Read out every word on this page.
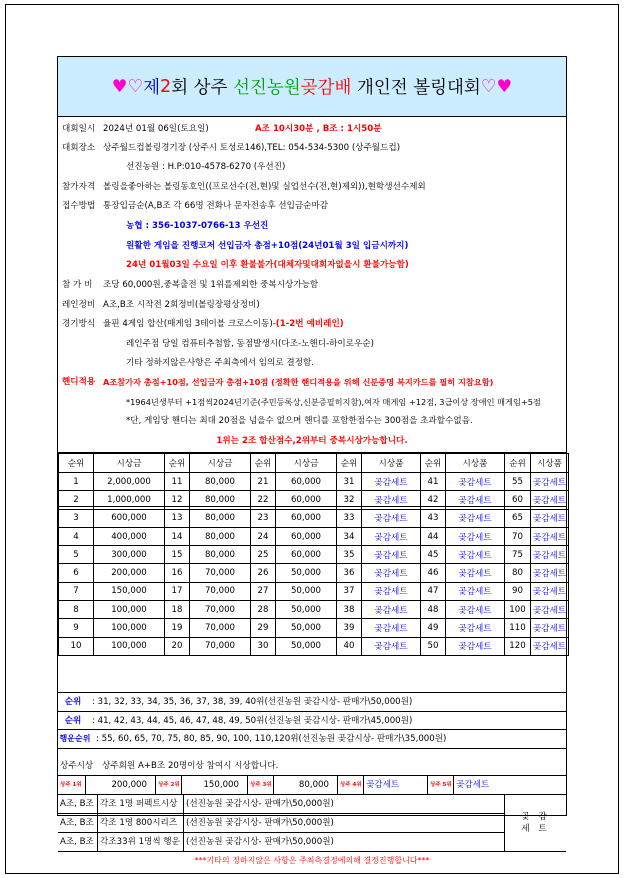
♥♡ 제 2 회 상주 선진농원 곶감배 개인전 볼링대회 ♡♥
대회일시 2024년 01월 06일(토요일)	A조 10시30분 , B조 : 1시50분
대회장소 상주월드컵볼링경기장 (상주시 토성로146),TEL: 054-534-5300 (상주월드컵)
선진농원 : H.P:010-4578-6270 (우선진)
참가자격 볼링을좋아하는 볼링동호인((프로선수(전,현)및 실업선수(전,현)제외)),현학생선수제외
접수방법 통장입금순(A,B조 각 66명 전화나 문자전송후 선입금순마감
농협 : 356-1037-0766-13 우선진
원활한 게임을 진행코저 선입금자 총점+10점(24년01월 3일 입금시까지)
24년 01월03일 수요일 이후 환불불가(대체자및대회자없을시 환불가능함)
참 가 비 조당 60,000원,중복출전 및 1위를제외한 중복시상가능함
레인정비 A조,B조 시작전 2회정비(볼링장평상정비)
경기방식 율핀 4게임 합산(매게임 3테이블 크로스이동)-(1-2번 예비레인)
레인주점 당일 컴퓨터추첨함, 동점발생시(다조-노핸디-하이로우순)
기타 정하지않은사항은 주최측에서 임의로 결정함.
핸디적용 A조참가자 총점+10점, 선입금자 총점+10점 (정확한 핸디적용을 위해 신분증명 복지카드를 필히 지참요함)
*1964년생부터 +1점씩2024년기준(주민등록상,신분증필히지참),여자 매게임 +12점, 3급이상 장애인 매게임+5점
*단, 게임당 핸디는 최대 20점을 넘을수 없으며 핸디를 포함한점수는 300점을 초과할수없음.
1위는 2조 합산점수,2위부터 중복시상가능합니다.
순위	시상금	순위	시상금	순위	시상금	순위	시상품	순위	시상품	순위	시상품
1	2,000,000	11	80,000	21	60,000	31	곶감세트	41	곶감세트	55	곶감세트
2	1,000,000	12	80,000	22	60,000	32	곶감세트	42	곶감세트	60	곶감세트
3	600,000	13	80,000	23	60,000	33	곶감세트	43	곶감세트	65	곶감세트
4	400,000	14	80,000	24	60,000	34	곶감세트	44	곶감세트	70	곶감세트
5	300,000	15	80,000	25	60,000	35	곶감세트	45	곶감세트	75	곶감세트
6	200,000	16	70,000	26	50,000	36	곶감세트	46	곶감세트	80	곶감세트
7	150,000	17	70,000	27	50,000	37	곶감세트	47	곶감세트	90	곶감세트
8	100,000	18	70,000	28	50,000	38	곶감세트	48	곶감세트	100	곶감세트
9	100,000	19	70,000	29	50,000	39	곶감세트	49	곶감세트	110	곶감세트
10	100,000	20	70,000	30	50,000	40	곶감세트	50	곶감세트	120	곶감세트
순위	: 31, 32, 33, 34, 35, 36, 37, 38, 39, 40위(선진농원 곶감시상- 판매가\50,000원)
순위	: 41, 42, 43, 44, 45, 46, 47, 48, 49, 50위(선진농원 곶감시상- 판매가\45,000원)
행운순위 : 55, 60, 65, 70, 75, 80, 85, 90, 100, 110,120위(선진농원 곶감시상- 판매가\35,000원)
상주시상	상주회원 A+B조 20명이상 참여시 시상합니다.
상주 1위	200,000	상주 2위	150,000	상주 3위	80,000	상주 4위 곶감세트	상주 5위 곶감세트
A조, B조 각조 1명 퍼펙트시상	(선진농원 곶감시상- 판매가\50,000원)
A조, B조 각조 1명 800시리즈	(선진농원 곶감시상- 판매가\50,000원)
A조, B조 각조33위 1명씩 행운 (선진농원 곶감시상- 판매가\50,000원)
곶 감 세 트
***기타의 정하지않은 사항은 주최측결정에의해 결정진행합니다***
